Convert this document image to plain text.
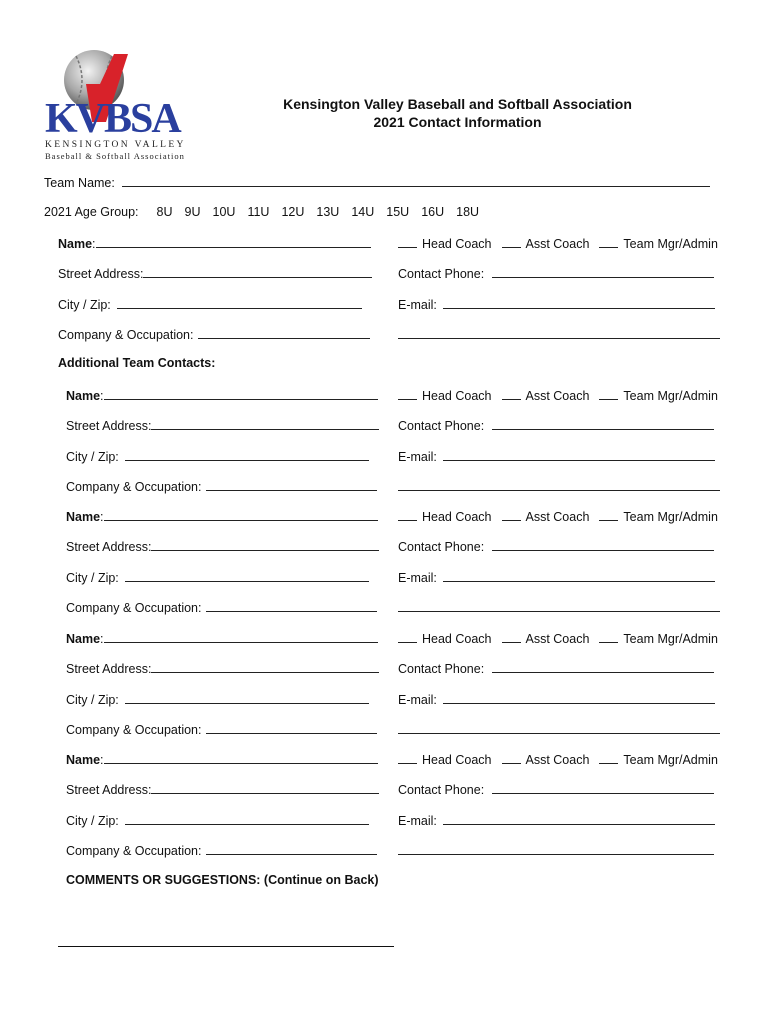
KVBSA
KENSINGTON VALLEY
Baseball & Softball Association
Kensington Valley Baseball and Softball Association
2021 Contact Information
Team Name:
2021 Age Group: 8U 9U 10U 11U 12U 13U 14U 15U 16U 18U
Name:	Head Coach	Asst Coach	Team Mgr/Admin
Street Address:	Contact Phone:
City / Zip:	E-mail:
Company & Occupation:
Name:	Head Coach	Asst Coach	Team Mgr/Admin
Street Address:	Contact Phone:
City / Zip:	E-mail:
Company & Occupation:
Name:	Head Coach	Asst Coach	Team Mgr/Admin
Street Address:	Contact Phone:
City / Zip:	E-mail:
Company & Occupation:
Name:	Head Coach	Asst Coach	Team Mgr/Admin
Street Address:	Contact Phone:
City / Zip:	E-mail:
Company & Occupation:
Name:	Head Coach	Asst Coach	Team Mgr/Admin
Street Address:	Contact Phone:
City / Zip:	E-mail:
Company & Occupation:
Additional Team Contacts:
COMMENTS OR SUGGESTIONS: (Continue on Back)
